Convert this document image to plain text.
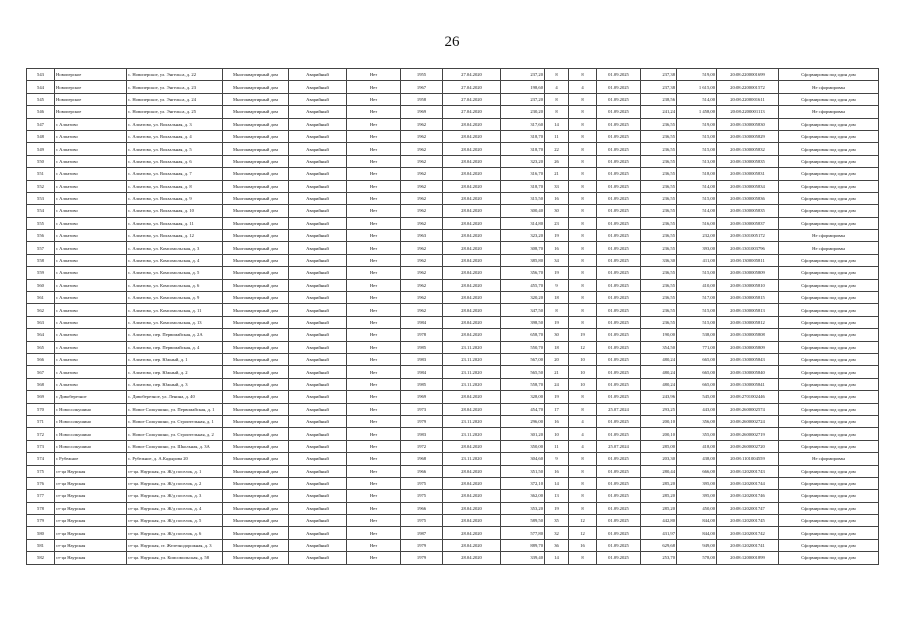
26
543	Новоперское	с. Новоперское, ул. Энгельса, д. 22	Многоквартирный дом	Аварийный	Нет	1955	27.04.2020	237,20	8	8	01.09.2025	237,38	519,00	20:08:2200001699	Сформирован под один дом
544	Новоперское	с. Новоперское, ул. Энгельса, д. 23	Многоквартирный дом	Аварийный	Нет	1967	27.04.2020	198,60	4	4	01.09.2025	237,38	1 615,00	20:08:2200001572	Не сформирован
545	Новоперское	с. Новоперское, ул. Энгельса, д. 24	Многоквартирный дом	Аварийный	Нет	1958	27.04.2020	237,20	8	8	01.09.2025	238,56	514,00	20:08:2200001611	Сформирован под один дом
546	Новоперское	с. Новоперское, ул. Энгельса, д. 25	Многоквартирный дом	Аварийный	Нет	1969	27.04.2020	230,20	8	8	01.09.2025	241,24	1 458,00	20:08:2200001113	Не сформирован
547	с Алпатово	с. Алпатово, ул. Вокзальная, д. 3	Многоквартирный дом	Аварийный	Нет	1962	28.04.2020	317,60	14	8	01.09.2025	236,55	519,00	20:08:1300005830	Сформирован под один дом
548	с Алпатово	с. Алпатово, ул. Вокзальная, д. 4	Многоквартирный дом	Аварийный	Нет	1962	28.04.2020	318,70	11	8	01.09.2025	236,55	515,00	20:08:1300005829	Сформирован под один дом
549	с Алпатово	с. Алпатово, ул. Вокзальная, д. 5	Многоквартирный дом	Аварийный	Нет	1962	28.04.2020	318,70	22	8	01.09.2025	236,55	515,00	20:08:1300005832	Сформирован под один дом
550	с Алпатово	с. Алпатово, ул. Вокзальная, д. 6	Многоквартирный дом	Аварийный	Нет	1962	28.04.2020	323,20	26	8	01.09.2025	236,55	513,00	20:08:1300005835	Сформирован под один дом
551	с Алпатово	с. Алпатово, ул. Вокзальная, д. 7	Многоквартирный дом	Аварийный	Нет	1962	28.04.2020	316,70	21	8	01.09.2025	236,55	518,00	20:08:1300005831	Сформирован под один дом
552	с Алпатово	с. Алпатово, ул. Вокзальная, д. 8	Многоквартирный дом	Аварийный	Нет	1962	28.04.2020	318,70	33	8	01.09.2025	236,55	514,00	20:08:1300005834	Сформирован под один дом
553	с Алпатово	с. Алпатово, ул. Вокзальная, д. 9	Многоквартирный дом	Аварийный	Нет	1962	28.04.2020	315,50	16	8	01.09.2025	236,55	515,00	20:08:1300005836	Сформирован под один дом
554	с Алпатово	с. Алпатово, ул. Вокзальная, д. 10	Многоквартирный дом	Аварийный	Нет	1962	28.04.2020	300,40	30	8	01.09.2025	236,55	514,00	20:08:1300005835	Сформирован под один дом
555	с Алпатово	с. Алпатово, ул. Вокзальная, д. 11	Многоквартирный дом	Аварийный	Нет	1962	28.04.2020	314,80	23	8	01.09.2025	236,55	516,00	20:08:1300005837	Сформирован под один дом
556	с Алпатово	с. Алпатово, ул. Вокзальная, д. 12	Многоквартирный дом	Аварийный	Нет	1963	28.04.2020	323,20	19	8	01.09.2025	236,55	232,00	20:08:1301005172	Не сформирован
557	с Алпатово	с. Алпатово, ул. Комсомольская, д. 3	Многоквартирный дом	Аварийный	Нет	1962	28.04.2020	308,70	16	8	01.09.2025	236,55	393,00	20:08:1301003796	Не сформирован
558	с Алпатово	с. Алпатово, ул. Комсомольская, д. 4	Многоквартирный дом	Аварийный	Нет	1962	28.04.2020	385,80	34	8	01.09.2025	336,30	411,00	20:08:1300005811	Сформирован под один дом
559	с Алпатово	с. Алпатово, ул. Комсомольская, д. 5	Многоквартирный дом	Аварийный	Нет	1962	28.04.2020	356,70	19	8	01.09.2025	236,55	515,00	20:08:1300005809	Сформирован под один дом
560	с Алпатово	с. Алпатово, ул. Комсомольская, д. 6	Многоквартирный дом	Аварийный	Нет	1962	28.04.2020	455,70	9	8	01.09.2025	236,55	410,00	20:08:1300005810	Сформирован под один дом
561	с Алпатово	с. Алпатово, ул. Комсомольская, д. 9	Многоквартирный дом	Аварийный	Нет	1962	28.04.2020	320,20	18	8	01.09.2025	236,55	517,00	20:08:1300005815	Сформирован под один дом
562	с Алпатово	с. Алпатово, ул. Комсомольская, д. 11	Многоквартирный дом	Аварийный	Нет	1962	28.04.2020	347,50	8	8	01.09.2025	236,55	515,00	20:08:1300005813	Сформирован под один дом
563	с Алпатово	с. Алпатово, ул. Комсомольская, д. 13	Многоквартирный дом	Аварийный	Нет	1984	28.04.2020	398,50	19	8	01.09.2025	236,55	515,00	20:08:1300005812	Сформирован под один дом
564	с Алпатово	с. Алпатово, пер. Первомайская, д. 2А	Многоквартирный дом	Аварийный	Нет	1978	28.04.2020	658,70	30	19	01.09.2025	190,00	538,00	20:08:1300005808	Сформирован под один дом
565	с Алпатово	с. Алпатово, пер. Первомайская, д. 4	Многоквартирный дом	Аварийный	Нет	1985	23.11.2020	550,70	18	12	01.09.2025	354,50	771,00	20:08:1300005809	Сформирован под один дом
566	с Алпатово	с. Алпатово, пер. Южный, д. 1	Многоквартирный дом	Аварийный	Нет	1983	23.11.2020	567,00	20	10	01.09.2025	480,24	665,00	20:08:1300005843	Сформирован под один дом
567	с Алпатово	с. Алпатово, пер. Южный, д. 2	Многоквартирный дом	Аварийный	Нет	1984	23.11.2020	565,50	21	10	01.09.2025	480,24	665,00	20:08:1300005840	Сформирован под один дом
568	с Алпатово	с. Алпатово, пер. Южный, д. 3	Многоквартирный дом	Аварийный	Нет	1985	23.11.2020	558,70	24	10	01.09.2025	480,24	665,00	20:08:1300005841	Сформирован под один дом
569	с Дивоберезное	с. Дивоберезное, ул. Ленина, д. 40	Многоквартирный дом	Аварийный	Нет	1969	28.04.2020	328,00	19	8	01.09.2025	243,96	545,00	20:08:2701002446	Сформирован под один дом
570	с Новосолкушино	с. Новое Солкушино, ул. Первомайская, д. 1	Многоквартирный дом	Аварийный	Нет	1973	28.04.2020	454,70	17	8	25.07.2024	293,25	443,00	20:08:2600002574	Сформирован под один дом
571	с Новосолкушино	с. Новое Солкушино, ул. Строительная, д. 1	Многоквартирный дом	Аварийный	Нет	1979	23.11.2020	296,00	16	4	01.09.2025	200,10	356,00	20:08:2600002724	Сформирован под один дом
572	с Новосолкушино	с. Новое Солкушино, ул. Строительная, д. 2	Многоквартирный дом	Аварийный	Нет	1983	23.11.2020	301,20	10	4	01.09.2025	200,10	355,00	20:08:2600002719	Сформирован под один дом
573	с Новосолкушино	с. Новое Солкушино, ул. Школьная, д. 3А	Многоквартирный дом	Аварийный	Нет	1972	28.04.2020	350,00	11	4	25.07.2024	285,00	418,00	20:08:2600002720	Сформирован под один дом
574	с Рубежное	с. Рубежное, д. А.Кадырова 20	Многоквартирный дом	Аварийный	Нет	1968	23.11.2020	304,60	9	8	01.09.2025	203,30	438,00	20:08:1101004559	Не сформирован
575	ст-ца Наурская	ст-ца. Наурская, ул. Ж/д поселок, д. 1	Многоквартирный дом	Аварийный	Нет	1966	28.04.2020	351,50	16	8	01.09.2025	280,44	666,00	20:08:1202001743	Сформирован под один дом
576	ст-ца Наурская	ст-ца. Наурская, ул. Ж/д поселок, д. 2	Многоквартирный дом	Аварийный	Нет	1975	28.04.2020	372,10	14	8	01.09.2025	285,20	395,00	20:08:1202001744	Сформирован под один дом
577	ст-ца Наурская	ст-ца. Наурская, ул. Ж/д поселок, д. 3	Многоквартирный дом	Аварийный	Нет	1975	28.04.2020	362,00	13	8	01.09.2025	285,20	395,00	20:08:1202001746	Сформирован под один дом
578	ст-ца Наурская	ст-ца. Наурская, ул. Ж/д поселок, д. 4	Многоквартирный дом	Аварийный	Нет	1966	28.04.2020	353,20	19	8	01.09.2025	285,20	450,00	20:08:1202001747	Сформирован под один дом
579	ст-ца Наурская	ст-ца. Наурская, ул. Ж/д поселок, д. 5	Многоквартирный дом	Аварийный	Нет	1975	28.04.2020	589,50	35	12	01.09.2025	442,80	844,00	20:08:1202001745	Сформирован под один дом
580	ст-ца Наурская	ст-ца. Наурская, ул. Ж/д поселок, д. 6	Многоквартирный дом	Аварийный	Нет	1987	28.04.2020	577,80	32	12	01.09.2025	431,97	844,00	20:08:1202001742	Сформирован под один дом
581	ст-ца Наурская	ст-ца. Наурская, ст. Железнодорожная, д. 3	Многоквартирный дом	Аварийный	Нет	1979	28.04.2020	889,70	36	16	01.09.2025	629,68	949,00	20:08:1202001741	Сформирован под один дом
582	ст-ца Наурская	ст-ца. Наурская, ул. Комсомольская, д. 58	Многоквартирный дом	Аварийный	Нет	1979	28.04.2020	339,40	14	8	01.09.2025	253,70	578,00	20:08:1200001899	Сформирован под один дом
